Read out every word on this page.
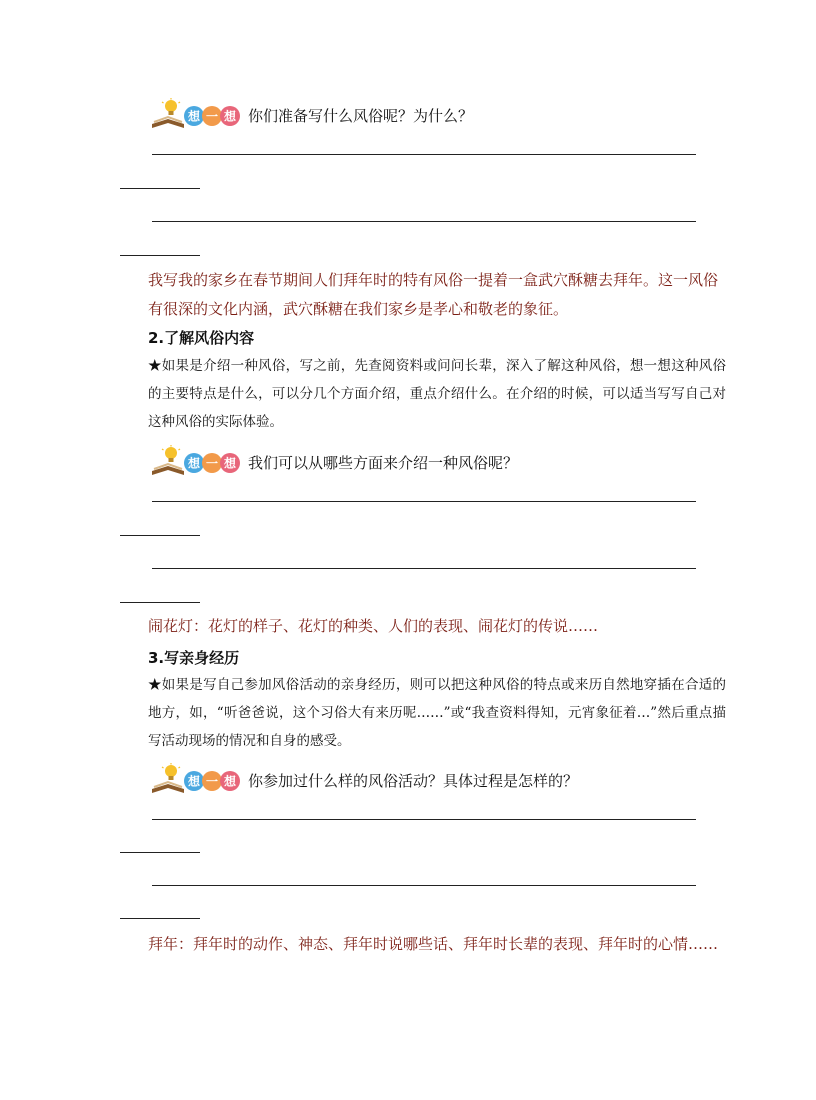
想 一 想 你们准备写什么风俗呢？为什么？
我写我的家乡在春节期间人们拜年时的特有风俗一提着一盒武穴酥糖去拜年。这一风俗有很深的文化内涵，武穴酥糖在我们家乡是孝心和敬老的象征。
2.了解风俗内容
★如果是介绍一种风俗，写之前，先查阅资料或问问长辈，深入了解这种风俗，想一想这种风俗的主要特点是什么，可以分几个方面介绍，重点介绍什么。在介绍的时候，可以适当写写自己对这种风俗的实际体验。
想 一 想 我们可以从哪些方面来介绍一种风俗呢？
闹花灯：花灯的样子、花灯的种类、人们的表现、闹花灯的传说……
3.写亲身经历
★如果是写自己参加风俗活动的亲身经历，则可以把这种风俗的特点或来历自然地穿插在合适的地方，如，“听爸爸说，这个习俗大有来历呢……”或“我查资料得知，元宵象征着…”然后重点描写活动现场的情况和自身的感受。
想 一 想 你参加过什么样的风俗活动？具体过程是怎样的？
拜年：拜年时的动作、神态、拜年时说哪些话、拜年时长辈的表现、拜年时的心情……
